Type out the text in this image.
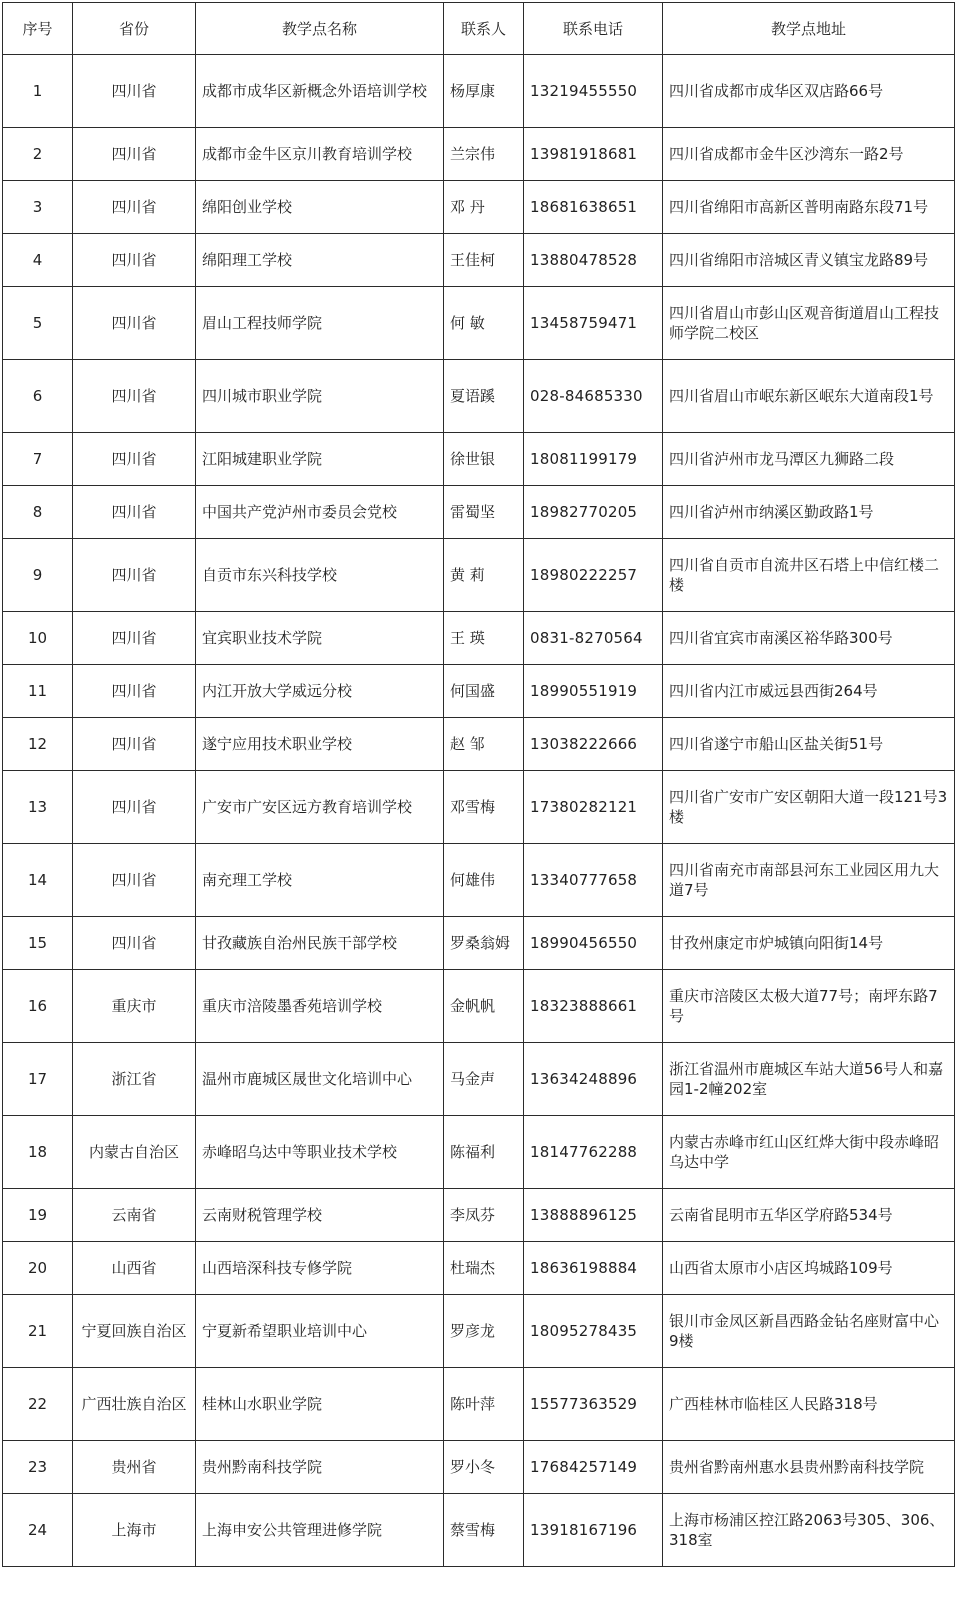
序号	省份	教学点名称	联系人	联系电话	教学点地址
1	四川省	成都市成华区新概念外语培训学校	杨厚康	13219455550	四川省成都市成华区双店路66号
2	四川省	成都市金牛区京川教育培训学校	兰宗伟	13981918681	四川省成都市金牛区沙湾东一路2号
3	四川省	绵阳创业学校	邓 丹	18681638651	四川省绵阳市高新区普明南路东段71号
4	四川省	绵阳理工学校	王佳柯	13880478528	四川省绵阳市涪城区青义镇宝龙路89号
5	四川省	眉山工程技师学院	何 敏	13458759471	四川省眉山市彭山区观音街道眉山工程技师学院二校区
6	四川省	四川城市职业学院	夏语蹊	028-84685330	四川省眉山市岷东新区岷东大道南段1号
7	四川省	江阳城建职业学院	徐世银	18081199179	四川省泸州市龙马潭区九狮路二段
8	四川省	中国共产党泸州市委员会党校	雷蜀坚	18982770205	四川省泸州市纳溪区勤政路1号
9	四川省	自贡市东兴科技学校	黄 莉	18980222257	四川省自贡市自流井区石塔上中信红楼二楼
10	四川省	宜宾职业技术学院	王 瑛	0831-8270564	四川省宜宾市南溪区裕华路300号
11	四川省	内江开放大学威远分校	何国盛	18990551919	四川省内江市威远县西街264号
12	四川省	遂宁应用技术职业学校	赵 邹	13038222666	四川省遂宁市船山区盐关街51号
13	四川省	广安市广安区远方教育培训学校	邓雪梅	17380282121	四川省广安市广安区朝阳大道一段121号3楼
14	四川省	南充理工学校	何雄伟	13340777658	四川省南充市南部县河东工业园区用九大道7号
15	四川省	甘孜藏族自治州民族干部学校	罗桑翁姆	18990456550	甘孜州康定市炉城镇向阳街14号
16	重庆市	重庆市涪陵墨香苑培训学校	金帆帆	18323888661	重庆市涪陵区太极大道77号；南坪东路7号
17	浙江省	温州市鹿城区晟世文化培训中心	马金声	13634248896	浙江省温州市鹿城区车站大道56号人和嘉园1-2幢202室
18	内蒙古自治区	赤峰昭乌达中等职业技术学校	陈福利	18147762288	内蒙古赤峰市红山区红烨大街中段赤峰昭乌达中学
19	云南省	云南财税管理学校	李凤芬	13888896125	云南省昆明市五华区学府路534号
20	山西省	山西培深科技专修学院	杜瑞杰	18636198884	山西省太原市小店区坞城路109号
21	宁夏回族自治区	宁夏新希望职业培训中心	罗彦龙	18095278435	银川市金凤区新昌西路金钻名座财富中心9楼
22	广西壮族自治区	桂林山水职业学院	陈叶萍	15577363529	广西桂林市临桂区人民路318号
23	贵州省	贵州黔南科技学院	罗小冬	17684257149	贵州省黔南州惠水县贵州黔南科技学院
24	上海市	上海申安公共管理进修学院	蔡雪梅	13918167196	上海市杨浦区控江路2063号305、306、318室
